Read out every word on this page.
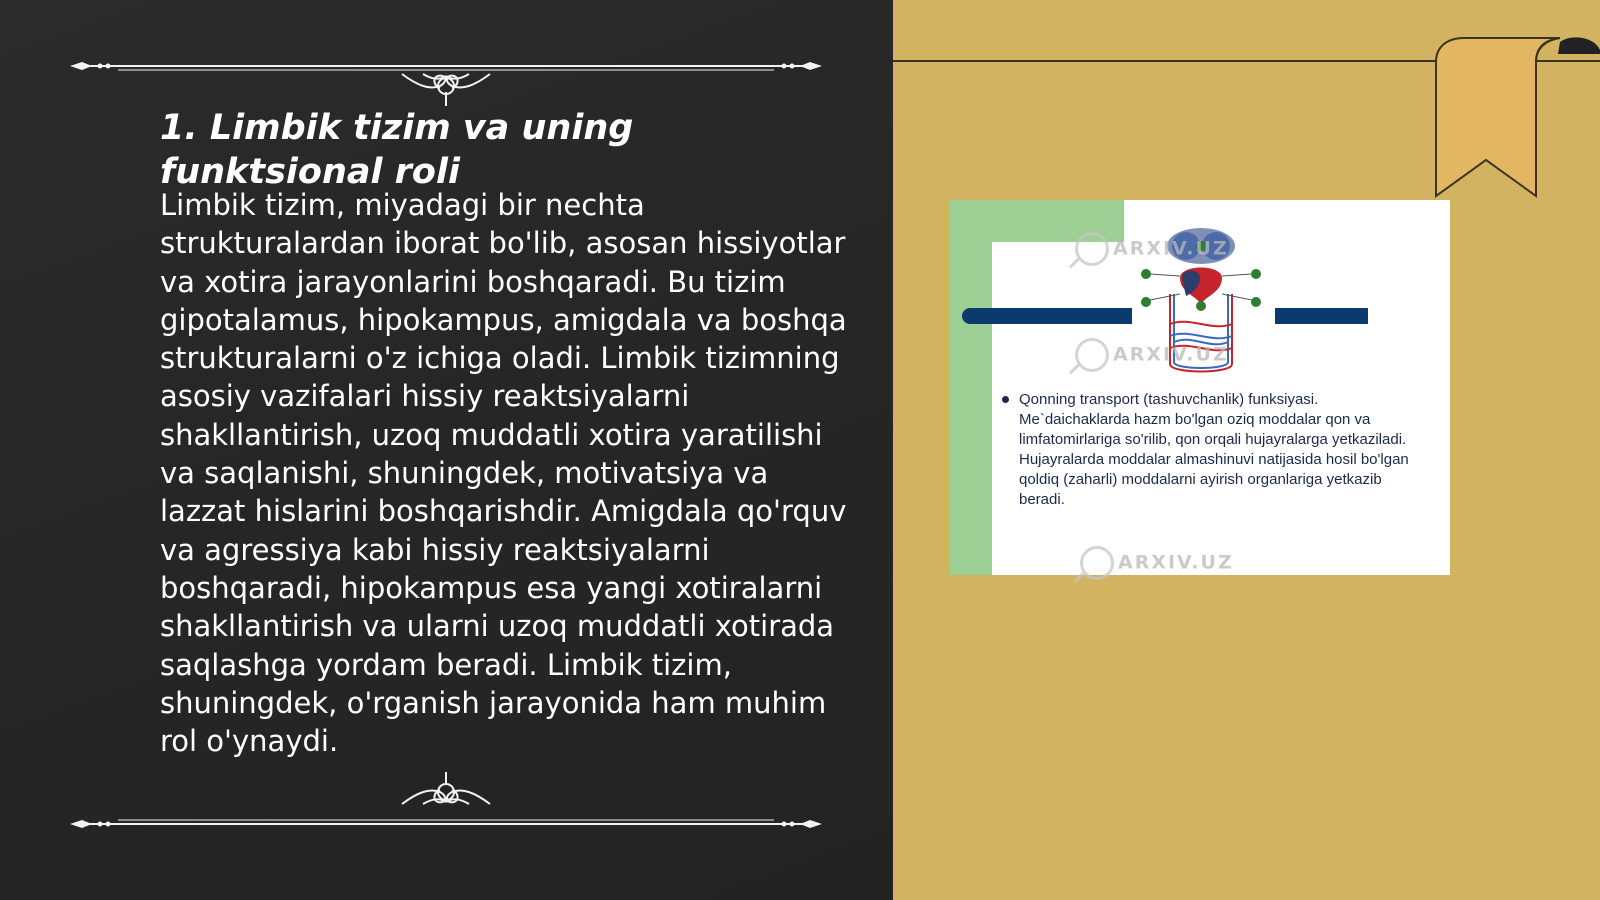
1. Limbik tizim va uning funktsional roli

Limbik tizim, miyadagi bir nechta strukturalardan iborat bo'lib, asosan hissiyotlar va xotira jarayonlarini boshqaradi. Bu tizim gipotalamus, hipokampus, amigdala va boshqa strukturalarni o'z ichiga oladi. Limbik tizimning asosiy vazifalari hissiy reaktsiyalarni shakllantirish, uzoq muddatli xotira yaratilishi va saqlanishi, shuningdek, motivatsiya va lazzat hislarini boshqarishdir. Amigdala qo'rquv va agressiya kabi hissiy reaktsiyalarni boshqaradi, hipokampus esa yangi xotiralarni shakllantirish va ularni uzoq muddatli xotirada saqlashga yordam beradi. Limbik tizim, shuningdek, o'rganish jarayonida ham muhim rol o'ynaydi.

Qonning transport (tashuvchanlik) funksiyasi. Me`daichaklarda hazm bo'lgan oziq moddalar qon va limfatomirlariga so'rilib, qon orqali hujayralarga yetkaziladi. Hujayralarda moddalar almashinuvi natijasida hosil bo'lgan qoldiq (zaharli) moddalarni ayirish organlariga yetkazib beradi.

ARXIV.UZ
ARXIV.UZ
ARXIV.UZ
